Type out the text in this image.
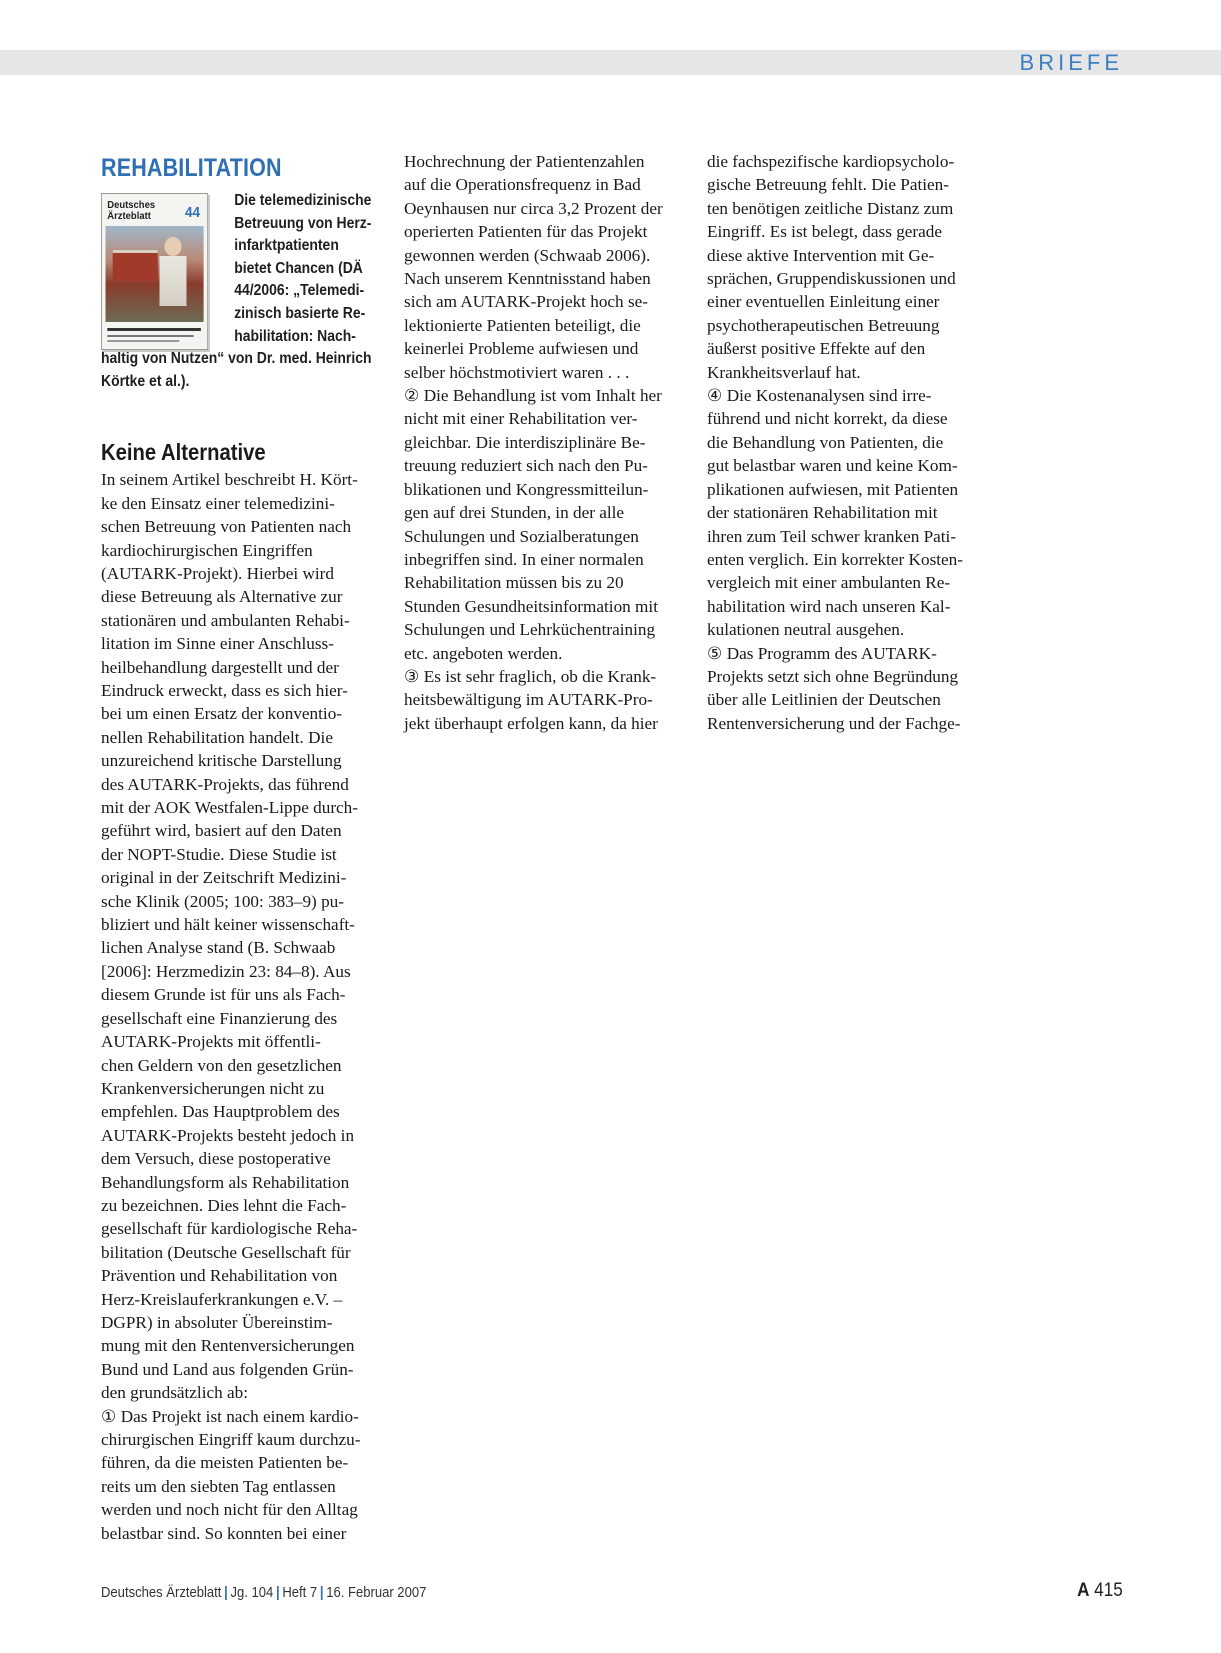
BRIEFE
REHABILITATION
Deutsches
Ärzteblatt 44
Die telemedizinische
Betreuung von Herz-
infarktpatienten
bietet Chancen (DÄ
44/2006: „Telemedi-
zinisch basierte Re-
habilitation: Nach-
haltig von Nutzen“ von Dr. med. Heinrich
Körtke et al.).
Keine Alternative
In seinem Artikel beschreibt H. Kört-
ke den Einsatz einer telemedizini-
schen Betreuung von Patienten nach
kardiochirurgischen Eingriffen
(AUTARK-Projekt). Hierbei wird
diese Betreuung als Alternative zur
stationären und ambulanten Rehabi-
litation im Sinne einer Anschluss-
heilbehandlung dargestellt und der
Eindruck erweckt, dass es sich hier-
bei um einen Ersatz der konventio-
nellen Rehabilitation handelt. Die
unzureichend kritische Darstellung
des AUTARK-Projekts, das führend
mit der AOK Westfalen-Lippe durch-
geführt wird, basiert auf den Daten
der NOPT-Studie. Diese Studie ist
original in der Zeitschrift Medizini-
sche Klinik (2005; 100: 383–9) pu-
bliziert und hält keiner wissenschaft-
lichen Analyse stand (B. Schwaab
[2006]: Herzmedizin 23: 84–8). Aus
diesem Grunde ist für uns als Fach-
gesellschaft eine Finanzierung des
AUTARK-Projekts mit öffentli-
chen Geldern von den gesetzlichen
Krankenversicherungen nicht zu
empfehlen. Das Hauptproblem des
AUTARK-Projekts besteht jedoch in
dem Versuch, diese postoperative
Behandlungsform als Rehabilitation
zu bezeichnen. Dies lehnt die Fach-
gesellschaft für kardiologische Reha-
bilitation (Deutsche Gesellschaft für
Prävention und Rehabilitation von
Herz-Kreislauferkrankungen e.V. –
DGPR) in absoluter Übereinstim-
mung mit den Rentenversicherungen
Bund und Land aus folgenden Grün-
den grundsätzlich ab:
① Das Projekt ist nach einem kardio-
chirurgischen Eingriff kaum durchzu-
führen, da die meisten Patienten be-
reits um den siebten Tag entlassen
werden und noch nicht für den Alltag
belastbar sind. So konnten bei einer
Hochrechnung der Patientenzahlen
auf die Operationsfrequenz in Bad
Oeynhausen nur circa 3,2 Prozent der
operierten Patienten für das Projekt
gewonnen werden (Schwaab 2006).
Nach unserem Kenntnisstand haben
sich am AUTARK-Projekt hoch se-
lektionierte Patienten beteiligt, die
keinerlei Probleme aufwiesen und
selber höchstmotiviert waren . . .
② Die Behandlung ist vom Inhalt her
nicht mit einer Rehabilitation ver-
gleichbar. Die interdisziplinäre Be-
treuung reduziert sich nach den Pu-
blikationen und Kongressmitteilun-
gen auf drei Stunden, in der alle
Schulungen und Sozialberatungen
inbegriffen sind. In einer normalen
Rehabilitation müssen bis zu 20
Stunden Gesundheitsinformation mit
Schulungen und Lehrküchentraining
etc. angeboten werden.
③ Es ist sehr fraglich, ob die Krank-
heitsbewältigung im AUTARK-Pro-
jekt überhaupt erfolgen kann, da hier
die fachspezifische kardiopsycholo-
gische Betreuung fehlt. Die Patien-
ten benötigen zeitliche Distanz zum
Eingriff. Es ist belegt, dass gerade
diese aktive Intervention mit Ge-
sprächen, Gruppendiskussionen und
einer eventuellen Einleitung einer
psychotherapeutischen Betreuung
äußerst positive Effekte auf den
Krankheitsverlauf hat.
④ Die Kostenanalysen sind irre-
führend und nicht korrekt, da diese
die Behandlung von Patienten, die
gut belastbar waren und keine Kom-
plikationen aufwiesen, mit Patienten
der stationären Rehabilitation mit
ihren zum Teil schwer kranken Pati-
enten verglich. Ein korrekter Kosten-
vergleich mit einer ambulanten Re-
habilitation wird nach unseren Kal-
kulationen neutral ausgehen.
⑤ Das Programm des AUTARK-
Projekts setzt sich ohne Begründung
über alle Leitlinien der Deutschen
Rentenversicherung und der Fachge-
Deutsches Ärzteblatt | Jg. 104 | Heft 7 | 16. Februar 2007	A 415
